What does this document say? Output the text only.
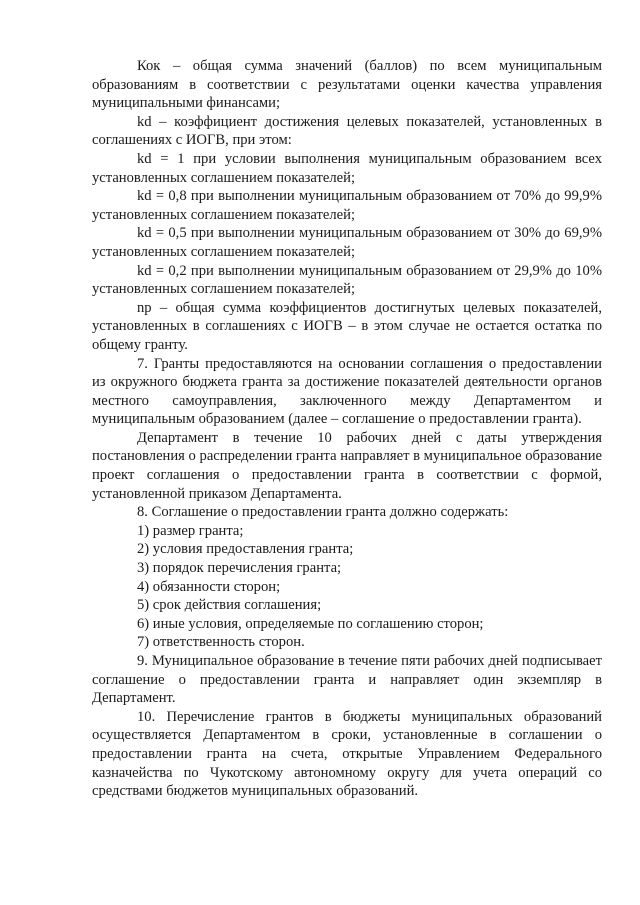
Кок – общая сумма значений (баллов) по всем муниципальным образованиям в соответствии с результатами оценки качества управления муниципальными финансами;

kd – коэффициент достижения целевых показателей, установленных в соглашениях с ИОГВ, при этом:

kd = 1 при условии выполнения муниципальным образованием всех установленных соглашением показателей;

kd = 0,8 при выполнении муниципальным образованием от 70% до 99,9% установленных соглашением показателей;

kd = 0,5 при выполнении муниципальным образованием от 30% до 69,9% установленных соглашением показателей;

kd = 0,2 при выполнении муниципальным образованием от 29,9% до 10% установленных соглашением показателей;

np – общая сумма коэффициентов достигнутых целевых показателей, установленных в соглашениях с ИОГВ – в этом случае не остается остатка по общему гранту.

7. Гранты предоставляются на основании соглашения о предоставлении из окружного бюджета гранта за достижение показателей деятельности органов местного самоуправления, заключенного между Департаментом и муниципальным образованием (далее – соглашение о предоставлении гранта).

Департамент в течение 10 рабочих дней с даты утверждения постановления о распределении гранта направляет в муниципальное образование проект соглашения о предоставлении гранта в соответствии с формой, установленной приказом Департамента.

8. Соглашение о предоставлении гранта должно содержать:

1) размер гранта;

2) условия предоставления гранта;

3) порядок перечисления гранта;

4) обязанности сторон;

5) срок действия соглашения;

6) иные условия, определяемые по соглашению сторон;

7) ответственность сторон.

9. Муниципальное образование в течение пяти рабочих дней подписывает соглашение о предоставлении гранта и направляет один экземпляр в Департамент.

10. Перечисление грантов в бюджеты муниципальных образований осуществляется Департаментом в сроки, установленные в соглашении о предоставлении гранта на счета, открытые Управлением Федерального казначейства по Чукотскому автономному округу для учета операций со средствами бюджетов муниципальных образований.
